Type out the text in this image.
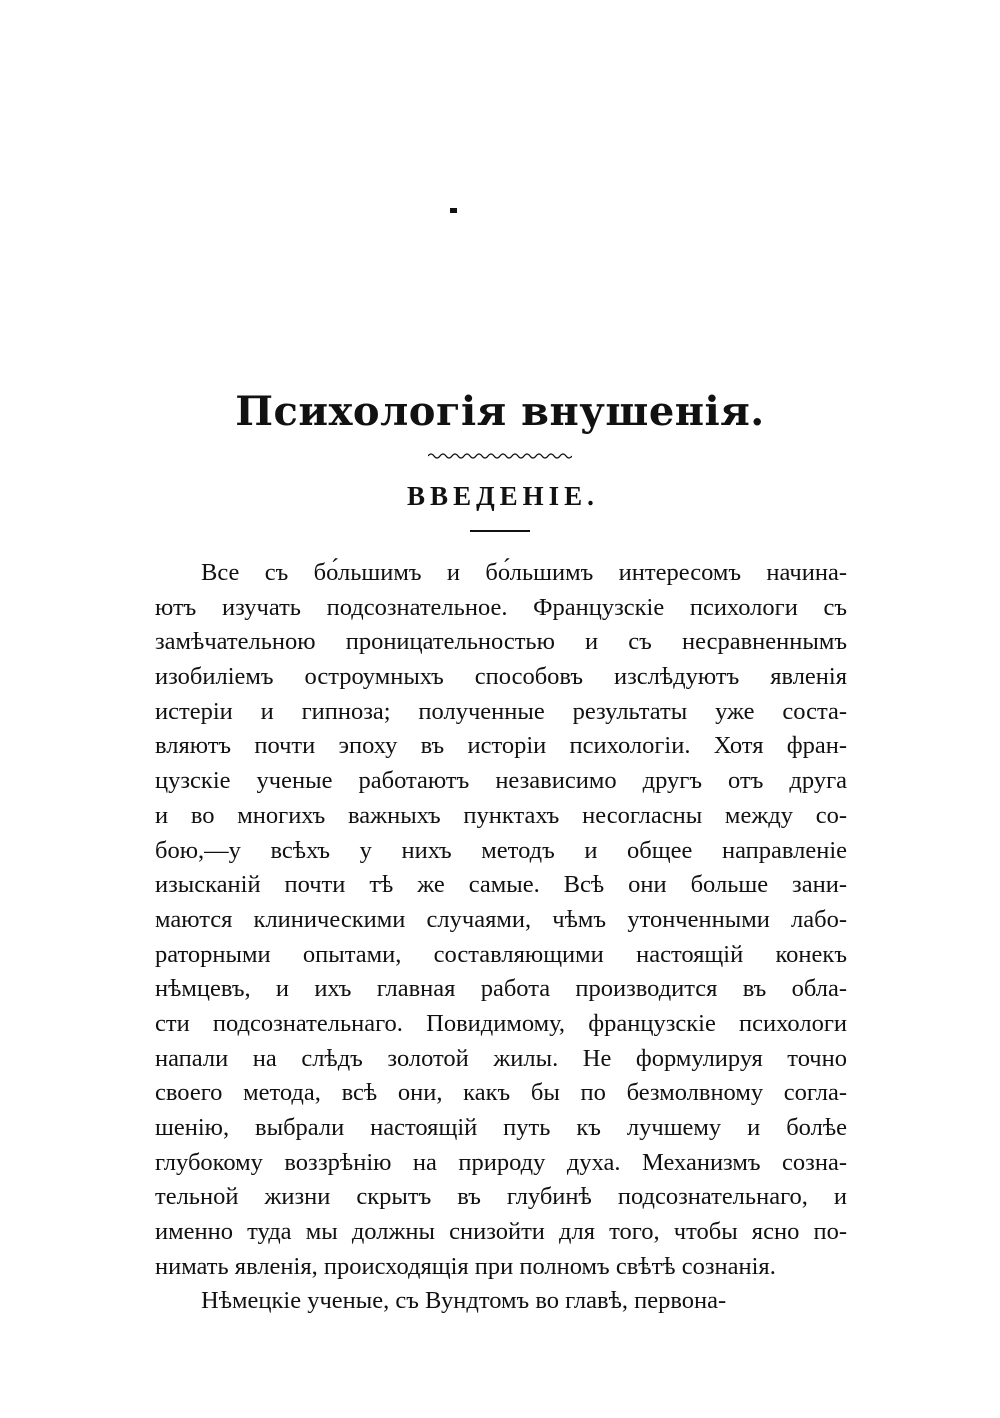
Психологія внушенія.
ВВЕДЕНІЕ.
Все съ бо́льшимъ и бо́льшимъ интересомъ начина-
ютъ изучать подсознательное. Французскіе психологи съ
замѣчательною проницательностью и съ несравненнымъ
изобиліемъ остроумныхъ способовъ изслѣдуютъ явленія
истеріи и гипноза; полученные результаты уже соста-
вляютъ почти эпоху въ исторіи психологіи. Хотя фран-
цузскіе ученые работаютъ независимо другъ отъ друга
и во многихъ важныхъ пунктахъ несогласны между со-
бою,—у всѣхъ у нихъ методъ и общее направленіе
изысканій почти тѣ же самые. Всѣ они больше зани-
маются клиническими случаями, чѣмъ утонченными лабо-
раторными опытами, составляющими настоящій конекъ
нѣмцевъ, и ихъ главная работа производится въ обла-
сти подсознательнаго. Повидимому, французскіе психологи
напали на слѣдъ золотой жилы. Не формулируя точно
своего метода, всѣ они, какъ бы по безмолвному согла-
шенію, выбрали настоящій путь къ лучшему и болѣе
глубокому воззрѣнію на природу духа. Механизмъ созна-
тельной жизни скрытъ въ глубинѣ подсознательнаго, и
именно туда мы должны снизойти для того, чтобы ясно по-
нимать явленія, происходящія при полномъ свѣтѣ сознанія.
Нѣмецкіе ученые, съ Вундтомъ во главѣ, первона-
